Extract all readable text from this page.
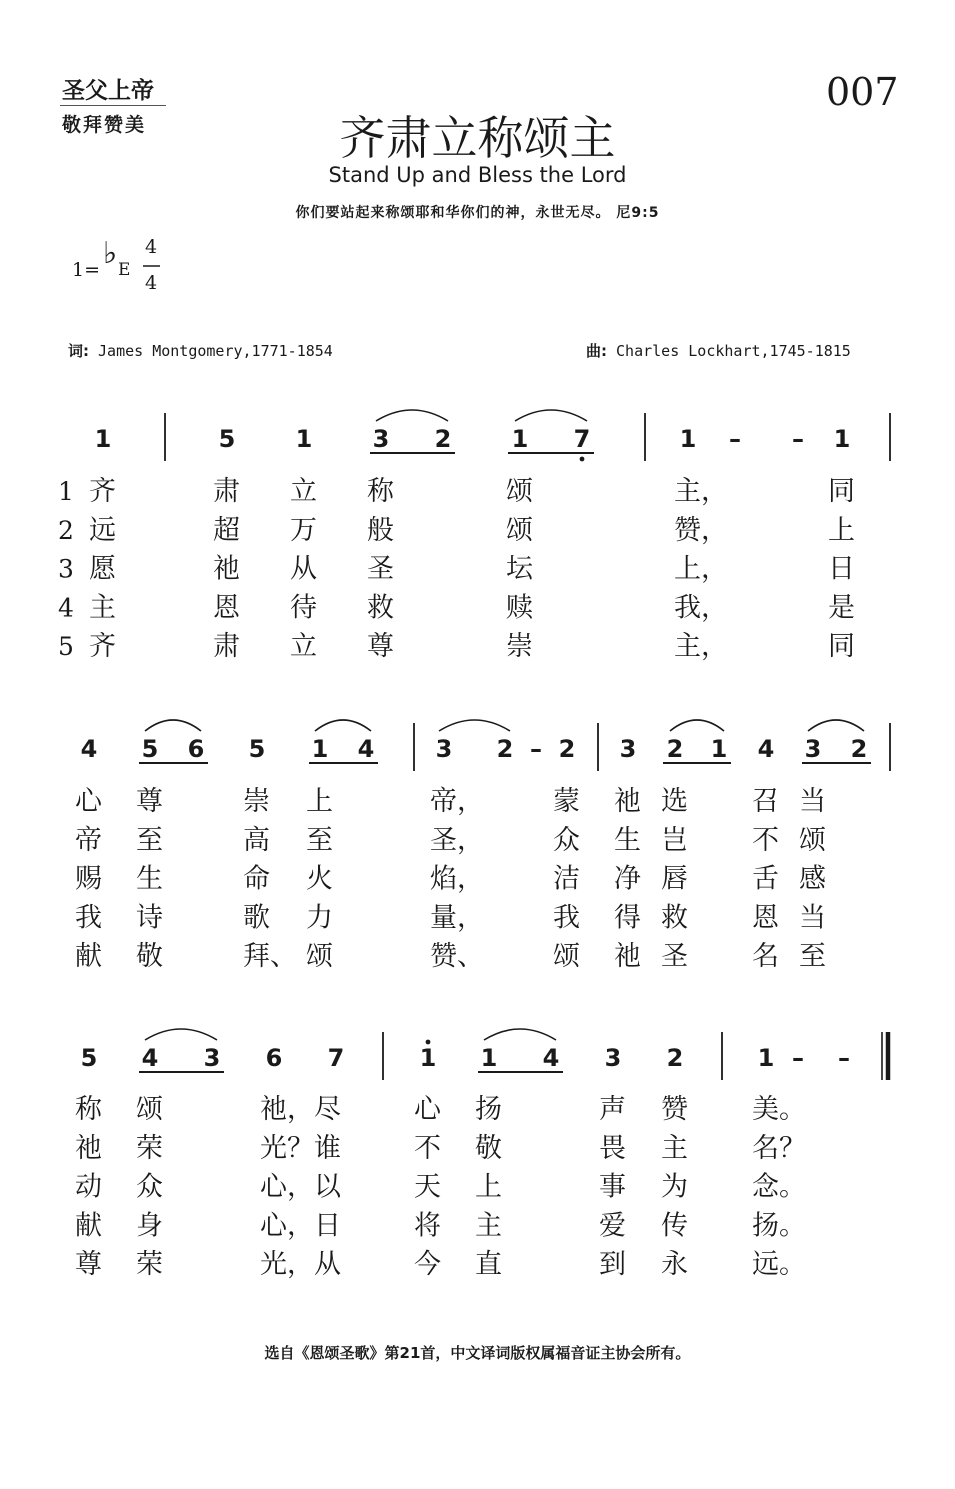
圣父上帝
敬拜赞美
007
齐肃立称颂主
Stand Up and Bless the Lord
你们要站起来称颂耶和华你们的神，永世无尽。 尼9:5
1= ♭ E
4
4
词: James Montgomery,1771-1854	曲: Charles Lockhart,1745-1815
1	5	1	3 2	1 7	1 – – 1
1
2
3
4
5
齐	肃 立 称	颂	主，	同
远	超 万 般	颂	赞，	上
愿	祂 从 圣	坛	上，	日
主	恩 待 救	赎	我，	是
齐	肃 立 尊	崇	主，	同
4 5 6 5 1 4	3 2 – 2 3 2 1 4 3 2
心 尊	崇 上	帝，	蒙 祂 选 召 当
帝 至	高 至	圣，	众 生 岂 不 颂
赐 生	命 火	焰，	洁 净 唇 舌 感
我 诗	歌 力	量，	我 得 救 恩 当
献 敬	拜、 颂	赞、	颂 祂 圣 名 至
5 4 3 6 7	1 1 4 3 2	1 – –
称 颂	祂，尽	心 扬	声 赞 美。
祂 荣	光？谁	不 敬	畏 主 名？
动 众	心，以	天 上	事 为 念。
献 身	心，日	将 主	爱 传 扬。
尊 荣	光，从	今 直	到 永 远。
选自《恩颂圣歌》第21首，中文译词版权属福音证主协会所有。
